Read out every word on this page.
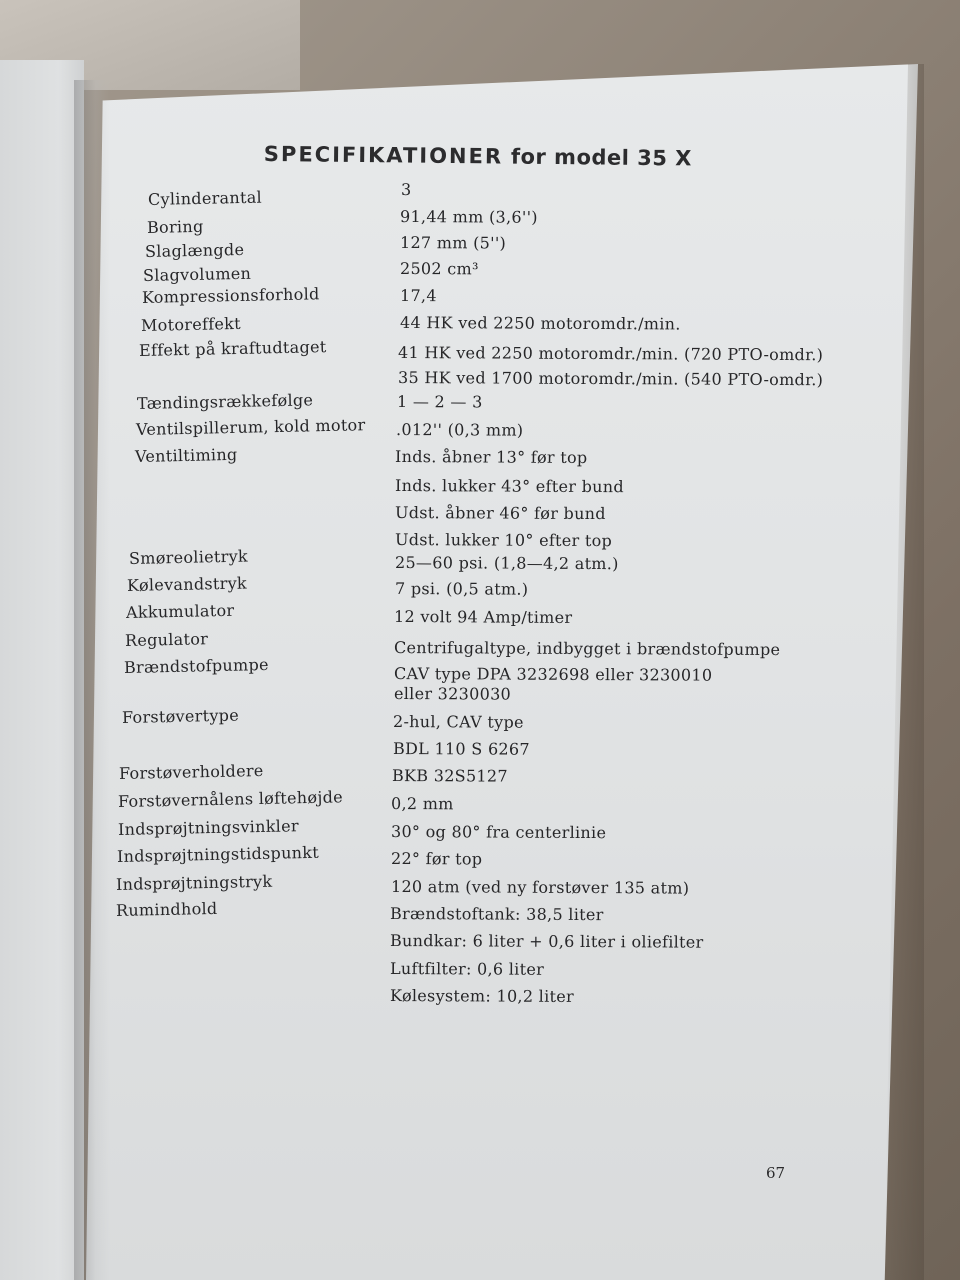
SPECIFIKATIONER for model 35 X
Cylinderantal
Boring
Slaglængde
Slagvolumen
Kompressionsforhold
Motoreffekt
Effekt på kraftudtaget
Tændingsrækkefølge
Ventilspillerum, kold motor
Ventiltiming
Smøreolietryk
Kølevandstryk
Akkumulator
Regulator
Brændstofpumpe
Forstøvertype
Forstøverholdere
Forstøvernålens løftehøjde
Indsprøjtningsvinkler
Indsprøjtningstidspunkt
Indsprøjtningstryk
Rumindhold
3
91,44 mm (3,6'')
127 mm (5'')
2502 cm³
17,4
44 HK ved 2250 motoromdr./min.
41 HK ved 2250 motoromdr./min. (720 PTO-omdr.)
35 HK ved 1700 motoromdr./min. (540 PTO-omdr.)
1 — 2 — 3
.012'' (0,3 mm)
Inds. åbner 13° før top
Inds. lukker 43° efter bund
Udst. åbner 46° før bund
Udst. lukker 10° efter top
25—60 psi. (1,8—4,2 atm.)
7 psi. (0,5 atm.)
12 volt 94 Amp/timer
Centrifugaltype, indbygget i brændstofpumpe
CAV type DPA 3232698 eller 3230010
eller 3230030
2-hul, CAV type
BDL 110 S 6267
BKB 32S5127
0,2 mm
30° og 80° fra centerlinie
22° før top
120 atm (ved ny forstøver 135 atm)
Brændstoftank: 38,5 liter
Bundkar: 6 liter + 0,6 liter i oliefilter
Luftfilter: 0,6 liter
Kølesystem: 10,2 liter
67
